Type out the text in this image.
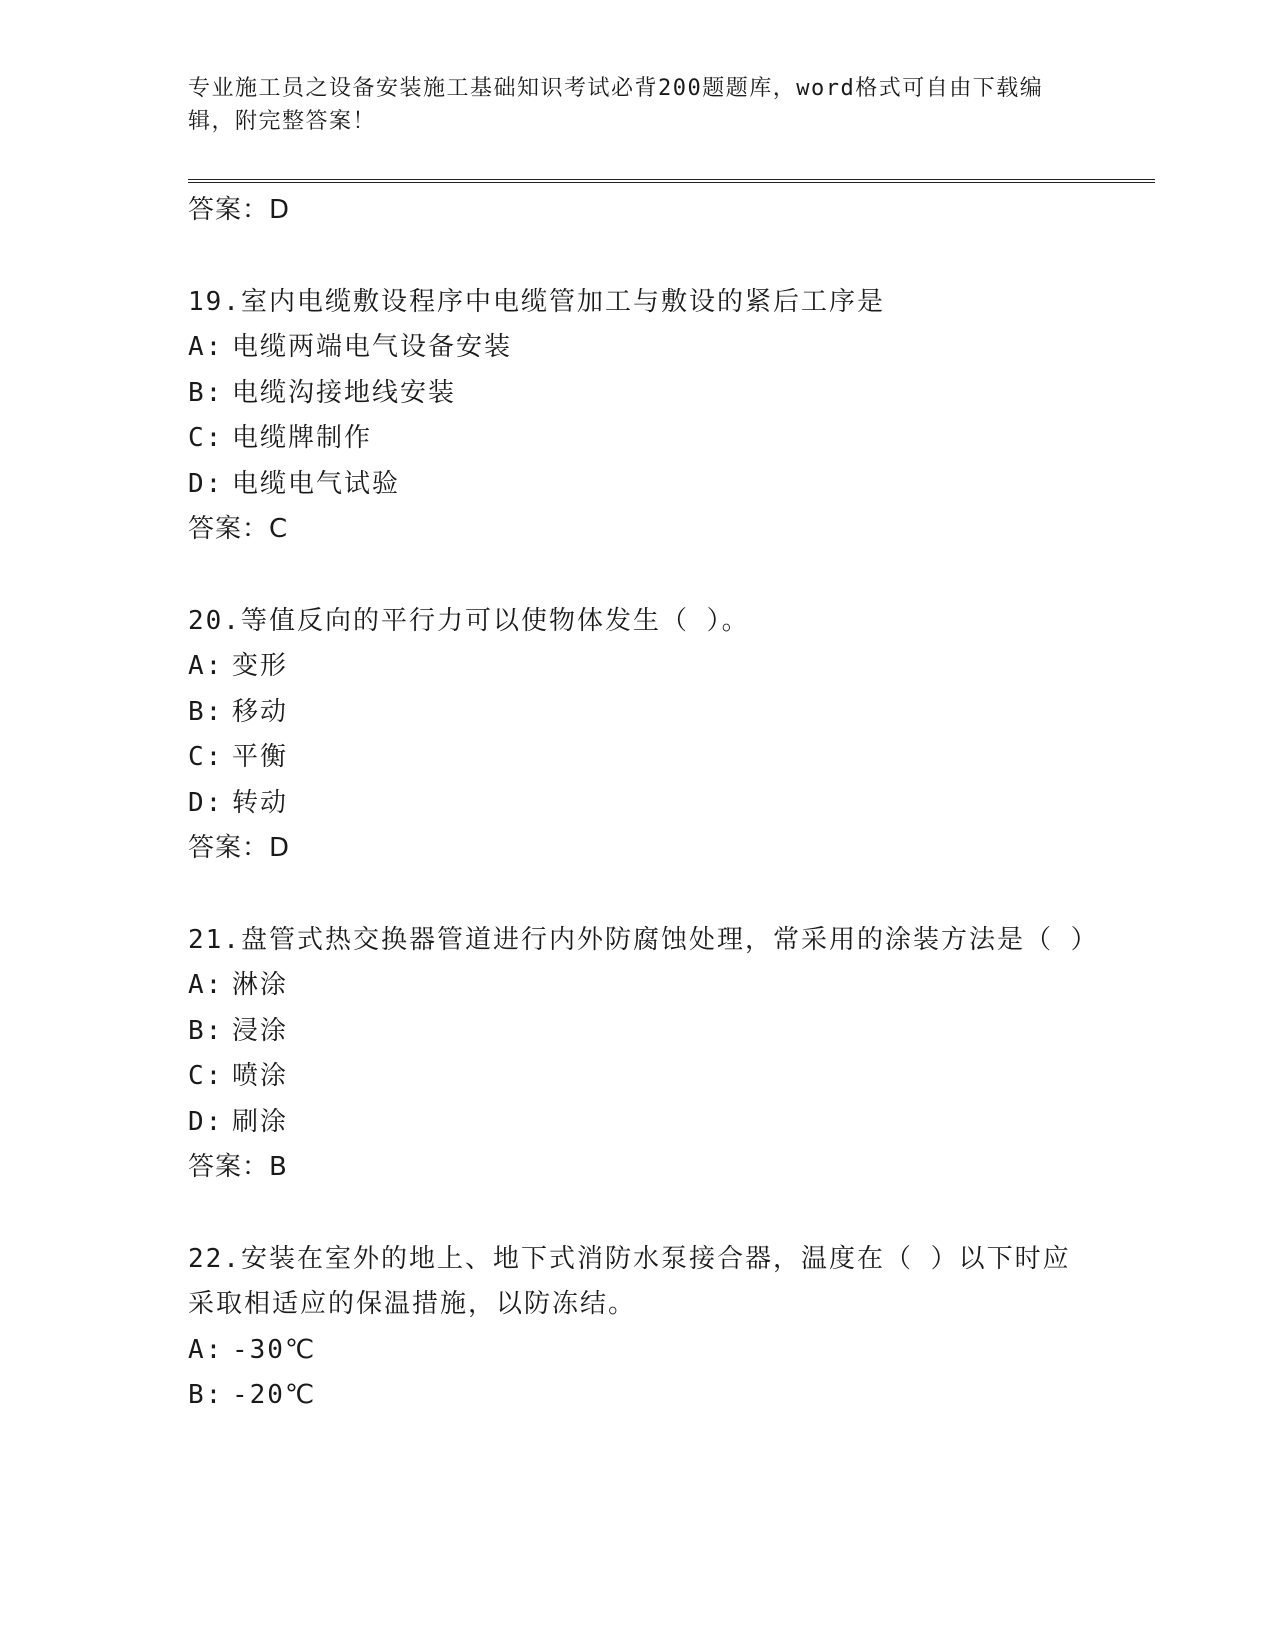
专业施工员之设备安装施工基础知识考试必背200题题库，word格式可自由下载编辑，附完整答案！
答案：D
19.室内电缆敷设程序中电缆管加工与敷设的紧后工序是
A: 电缆两端电气设备安装
B: 电缆沟接地线安装
C: 电缆牌制作
D: 电缆电气试验
答案：C
20.等值反向的平行力可以使物体发生（ ）。
A: 变形
B: 移动
C: 平衡
D: 转动
答案：D
21.盘管式热交换器管道进行内外防腐蚀处理，常采用的涂装方法是（ ）
A: 淋涂
B: 浸涂
C: 喷涂
D: 刷涂
答案：B
22.安装在室外的地上、地下式消防水泵接合器，温度在（ ）以下时应采取相适应的保温措施，以防冻结。
A: -30℃
B: -20℃
